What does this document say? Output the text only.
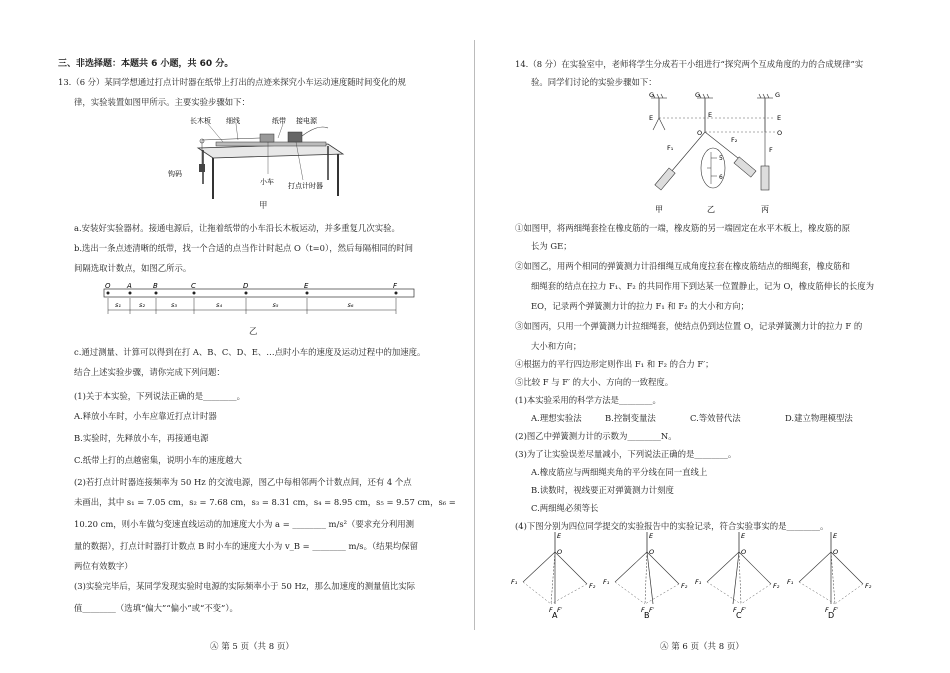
三、非选择题：本题共 6 小题，共 60 分。
13.（6 分）某同学想通过打点计时器在纸带上打出的点迹来探究小车运动速度随时间变化的规
律，实验装置如图甲所示。主要实验步骤如下：
长木板 细线	纸带 接电源
钩码
小车 打点计时器
甲
a.安装好实验器材。接通电源后，让拖着纸带的小车沿长木板运动，并多重复几次实验。
b.选出一条点迹清晰的纸带，找一个合适的点当作计时起点 O（t=0），然后每隔相同的时间
间隔选取计数点，如图乙所示。
O A	B	C	D	E	F
s₁	s₂	s₃	s₄	s₅	s₆
乙
c.通过测量、计算可以得到在打 A、B、C、D、E、…点时小车的速度及运动过程中的加速度。
结合上述实验步骤，请你完成下列问题：
(1)关于本实验，下列说法正确的是________。
A.释放小车时，小车应靠近打点计时器
B.实验时，先释放小车，再接通电源
C.纸带上打的点越密集，说明小车的速度越大
(2)若打点计时器连接频率为 50 Hz 的交流电源，图乙中每相邻两个计数点间，还有 4 个点
未画出，其中 s₁ = 7.05 cm，s₂ = 7.68 cm，s₃ = 8.31 cm，s₄ = 8.95 cm，s₅ = 9.57 cm，s₆ =
10.20 cm，则小车做匀变速直线运动的加速度大小为 a = ________ m/s²（要求充分利用测
量的数据），打点计时器打计数点 B 时小车的速度大小为 v_B = ________ m/s。（结果均保留
两位有效数字）
(3)实验完毕后，某同学发现实验时电源的实际频率小于 50 Hz，那么加速度的测量值比实际
值________（选填“偏大”“偏小”或“不变”）。
Ⓐ 第 5 页（共 8 页）
14.（8 分）在实验室中，老师将学生分成若干小组进行“探究两个互成角度的力的合成规律”实
验。同学们讨论的实验步骤如下：
G	G	G
E	E	E
O	O
F₁
F₂
F
5
6
甲	乙	丙
①如图甲，将两细绳套拴在橡皮筋的一端，橡皮筋的另一端固定在水平木板上，橡皮筋的原
长为 GE；
②如图乙，用两个相同的弹簧测力计沿细绳互成角度拉套在橡皮筋结点的细绳套，橡皮筋和
细绳套的结点在拉力 F₁、F₂ 的共同作用下到达某一位置静止，记为 O，橡皮筋伸长的长度为
EO，记录两个弹簧测力计的拉力 F₁ 和 F₂ 的大小和方向；
③如图丙，只用一个弹簧测力计拉细绳套，使结点仍到达位置 O，记录弹簧测力计的拉力 F 的
大小和方向；
④根据力的平行四边形定则作出 F₁ 和 F₂ 的合力 F′；
⑤比较 F 与 F′ 的大小、方向的一致程度。
(1)本实验采用的科学方法是________。
A.理想实验法	B.控制变量法	C.等效替代法	D.建立物理模型法
(2)图乙中弹簧测力计的示数为________N。
(3)为了让实验误差尽量减小，下列说法正确的是________。
A.橡皮筋应与两细绳夹角的平分线在同一直线上
B.读数时，视线要正对弹簧测力计刻度
C.两细绳必须等长
(4)下图分别为四位同学提交的实验报告中的实验记录，符合实验事实的是________。
E
O
F₁	F₂
F F′
A
E
O
F₁	F₂
F F′
B
E
O
F₁	F₂
F F′
C
E
O
F₁	F₂
F F′
D
Ⓐ 第 6 页（共 8 页）
